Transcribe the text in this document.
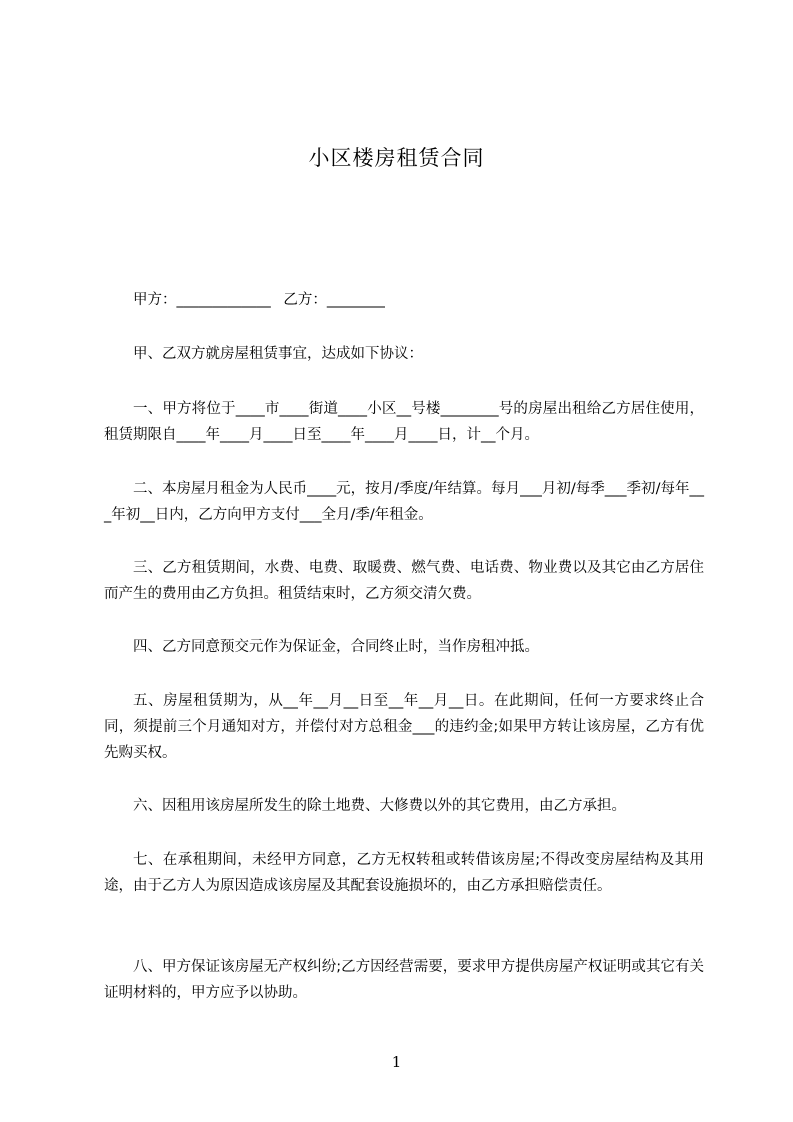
小区楼房租赁合同
甲方：_____________ 乙方：________
甲、乙双方就房屋租赁事宜，达成如下协议：
一、甲方将位于____市____街道____小区__号楼________号的房屋出租给乙方居住使用，租赁期限自____年____月____日至____年____月____日，计__个月。
二、本房屋月租金为人民币____元，按月/季度/年结算。每月___月初/每季___季初/每年___年初__日内，乙方向甲方支付___全月/季/年租金。
三、乙方租赁期间，水费、电费、取暖费、燃气费、电话费、物业费以及其它由乙方居住而产生的费用由乙方负担。租赁结束时，乙方须交清欠费。
四、乙方同意预交元作为保证金，合同终止时，当作房租冲抵。
五、房屋租赁期为，从__年__月__日至__年__月__日。在此期间，任何一方要求终止合同，须提前三个月通知对方，并偿付对方总租金___的违约金;如果甲方转让该房屋，乙方有优先购买权。
六、因租用该房屋所发生的除土地费、大修费以外的其它费用，由乙方承担。
七、在承租期间，未经甲方同意，乙方无权转租或转借该房屋;不得改变房屋结构及其用途，由于乙方人为原因造成该房屋及其配套设施损坏的，由乙方承担赔偿责任。
八、甲方保证该房屋无产权纠纷;乙方因经营需要，要求甲方提供房屋产权证明或其它有关证明材料的，甲方应予以协助。
1
